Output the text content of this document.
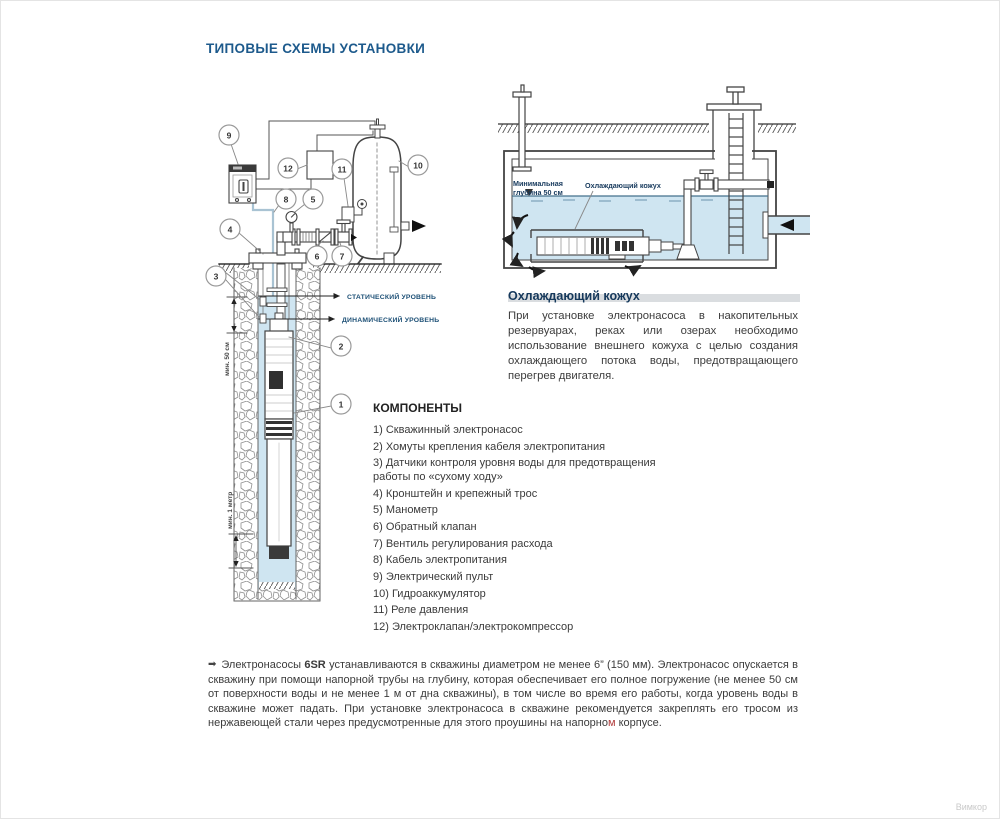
ТИПОВЫЕ СХЕМЫ УСТАНОВКИ
СТАТИЧЕСКИЙ УРОВЕНЬ
ДИНАМИЧЕСКИЙ УРОВЕНЬ
мин. 50 см
мин. 1 метр
1
2
3
4
5
6 7
8
9
10
11
12
Минимальная
глубина 50 см
Охлаждающий кожух
Охлаждающий кожух
При установке электронасоса в накопительных резервуарах, реках или озерах необходимо использование внешнего кожуха с целью создания охлаждающего потока воды, предотвращающего перегрев двигателя.
КОМПОНЕНТЫ
1) Скважинный электронасос
2) Хомуты крепления кабеля электропитания
3) Датчики контроля уровня воды для предотвращения работы по «сухому ходу»
4) Кронштейн и крепежный трос
5) Манометр
6) Обратный клапан
7) Вентиль регулирования расхода
8) Кабель электропитания
9) Электрический пульт
10) Гидроаккумулятор
11) Реле давления
12) Электроклапан/электрокомпрессор
➡ Электронасосы 6SR устанавливаются в скважины диаметром не менее 6” (150 мм). Электронасос опускается в скважину при помощи напорной трубы на глубину, которая обеспечивает его полное погружение (не менее 50 см от поверхности воды и не менее 1 м от дна скважины), в том числе во время его работы, когда уровень воды в скважине может падать. При установке электронасоса в скважине рекомендуется закреплять его тросом из нержавеющей стали через предусмотренные для этого проушины на напорном корпусе.
Вимкор
